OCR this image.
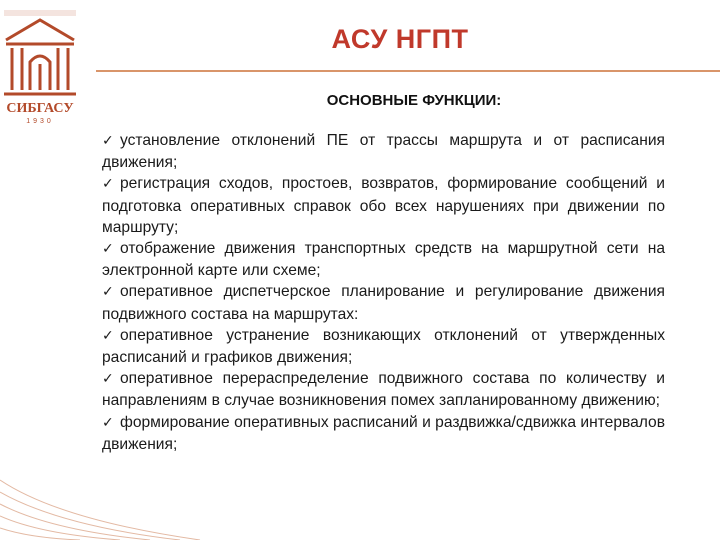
СИБГАСУ
1930
АСУ НГПТ
ОСНОВНЫЕ ФУНКЦИИ:

✓ установление отклонений ПЕ от трассы маршрута и от расписания движения;

✓ регистрация сходов, простоев, возвратов, формирование сообщений и подготовка оперативных справок обо всех нарушениях при движении по маршруту;

✓ отображение движения транспортных средств на маршрутной сети на электронной карте или схеме;

✓ оперативное диспетчерское планирование и регулирование движения подвижного состава на маршрутах:

✓ оперативное устранение возникающих отклонений от утвержденных расписаний и графиков движения;

✓ оперативное перераспределение подвижного состава по количеству и направлениям в случае возникновения помех запланированному движению;

✓ формирование оперативных расписаний и раздвижка/сдвижка интервалов движения;
